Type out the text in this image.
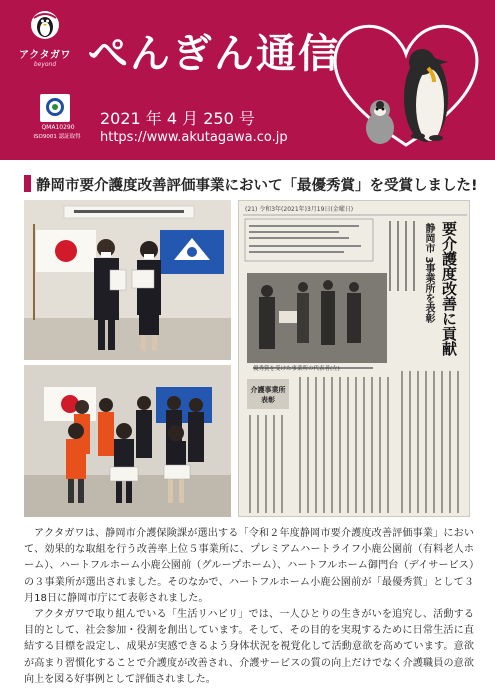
アクタガワ
beyond
QMA10290
ISO9001 認証取得
ぺんぎん通信
2021 年 4 月 250 号
https://www.akutagawa.co.jp
静岡市要介護度改善評価事業において「最優秀賞」を受賞しました!
(21) 令和3年(2021年)3月19日(金曜日)
要介護度改善に貢献
静岡市 3事業所を表彰
優秀賞を受けた事業所の代表者(左)
介護事業所表彰

アクタガワは、静岡市介護保険課が選出する「令和２年度静岡市要介護度改善評価事業」において、効果的な取組を行う改善率上位５事業所に、プレミアムハートライフ小鹿公園前（有料老人ホーム）、ハートフルホーム小鹿公園前（グループホーム）、ハートフルホーム御門台（デイサービス）の３事業所が選出されました。そのなかで、ハートフルホーム小鹿公園前が「最優秀賞」として３月18日に静岡市庁にて表彰されました。

アクタガワで取り組んでいる「生活リハビリ」では、一人ひとりの生きがいを追究し、活動する目的として、社会参加・役割を創出しています。そして、その目的を実現するために日常生活に直結する目標を設定し、成果が実感できるよう身体状況を視覚化して活動意欲を高めています。意欲が高まり習慣化することで介護度が改善され、介護サービスの質の向上だけでなく介護職員の意欲向上を図る好事例として評価されました。
